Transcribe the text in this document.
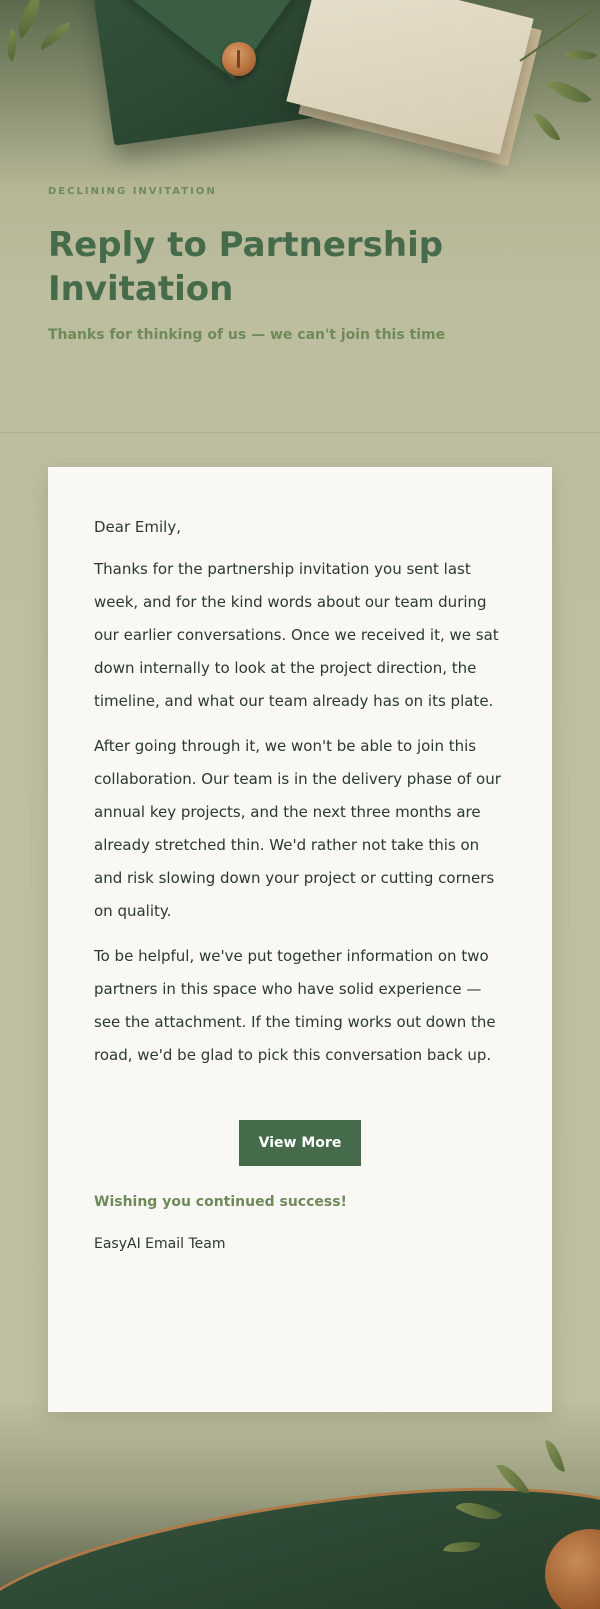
DECLINING INVITATION

Reply to Partnership Invitation

Thanks for thinking of us — we can't join this time

Dear Emily,

Thanks for the partnership invitation you sent last week, and for the kind words about our team during our earlier conversations. Once we received it, we sat down internally to look at the project direction, the timeline, and what our team already has on its plate.

After going through it, we won't be able to join this collaboration. Our team is in the delivery phase of our annual key projects, and the next three months are already stretched thin. We'd rather not take this on and risk slowing down your project or cutting corners on quality.

To be helpful, we've put together information on two partners in this space who have solid experience — see the attachment. If the timing works out down the road, we'd be glad to pick this conversation back up.

View More

Wishing you continued success!

EasyAI Email Team
